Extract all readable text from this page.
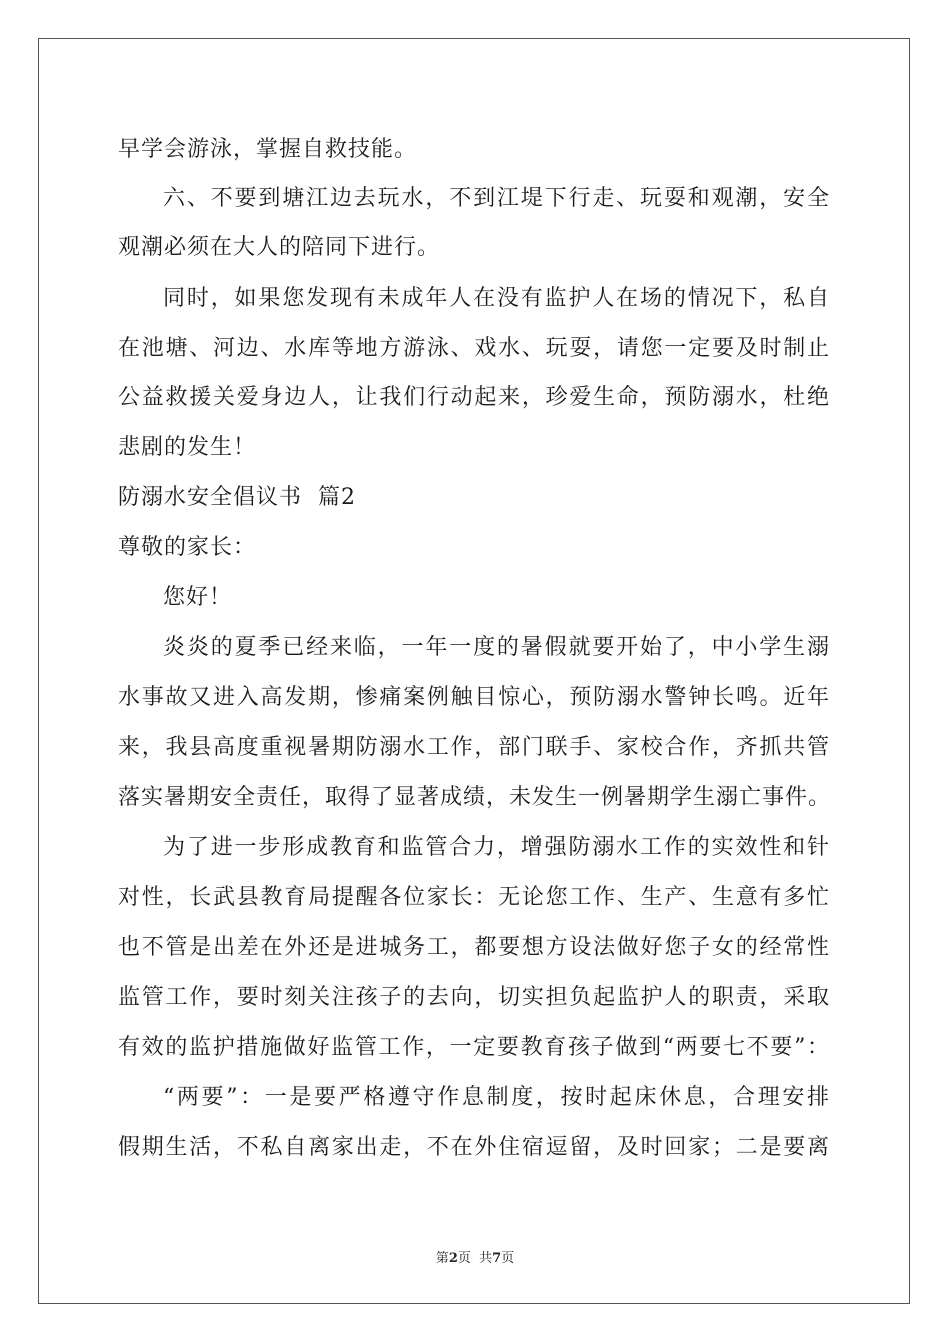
早学会游泳，掌握自救技能。
六、不要到塘江边去玩水，不到江堤下行走、玩耍和观潮，安全
观潮必须在大人的陪同下进行。
同时，如果您发现有未成年人在没有监护人在场的情况下，私自
在池塘、河边、水库等地方游泳、戏水、玩耍，请您一定要及时制止
公益救援关爱身边人，让我们行动起来，珍爱生命，预防溺水，杜绝
悲剧的发生！
防溺水安全倡议书  篇2
尊敬的家长：
您好！
炎炎的夏季已经来临，一年一度的暑假就要开始了，中小学生溺
水事故又进入高发期，惨痛案例触目惊心，预防溺水警钟长鸣。近年
来，我县高度重视暑期防溺水工作，部门联手、家校合作，齐抓共管
落实暑期安全责任，取得了显著成绩，未发生一例暑期学生溺亡事件。
为了进一步形成教育和监管合力，增强防溺水工作的实效性和针
对性，长武县教育局提醒各位家长：无论您工作、生产、生意有多忙
也不管是出差在外还是进城务工，都要想方设法做好您子女的经常性
监管工作，要时刻关注孩子的去向，切实担负起监护人的职责，采取
有效的监护措施做好监管工作，一定要教育孩子做到“两要七不要”：
“两要”：一是要严格遵守作息制度，按时起床休息，合理安排
假期生活，不私自离家出走，不在外住宿逗留，及时回家；二是要离
第2页  共7页
